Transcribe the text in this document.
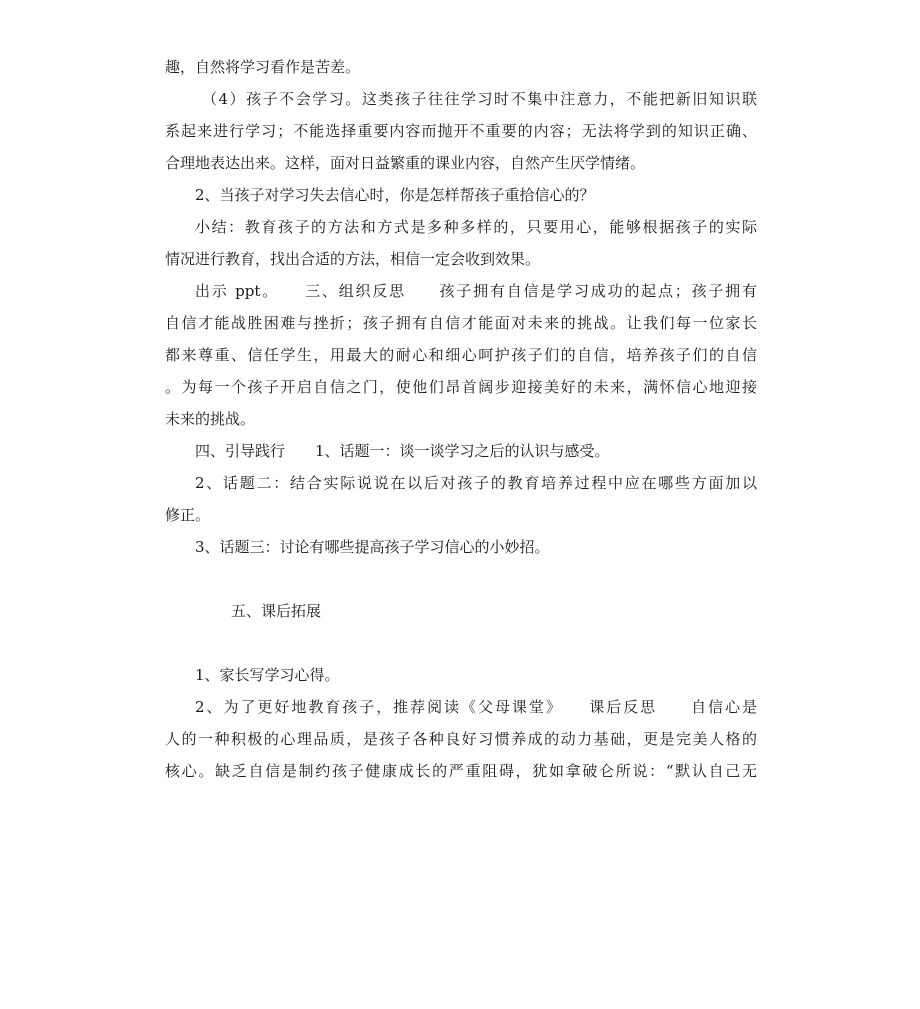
趣，自然将学习看作是苦差。
（4）孩子不会学习。这类孩子往往学习时不集中注意力，不能把新旧知识联
系起来进行学习；不能选择重要内容而抛开不重要的内容；无法将学到的知识正确、
合理地表达出来。这样，面对日益繁重的课业内容，自然产生厌学情绪。
2、当孩子对学习失去信心时，你是怎样帮孩子重拾信心的？
小结：教育孩子的方法和方式是多种多样的，只要用心，能够根据孩子的实际
情况进行教育，找出合适的方法，相信一定会收到效果。
出示 ppt。　　三、组织反思　　孩子拥有自信是学习成功的起点；孩子拥有
自信才能战胜困难与挫折；孩子拥有自信才能面对未来的挑战。让我们每一位家长
都来尊重、信任学生，用最大的耐心和细心呵护孩子们的自信，培养孩子们的自信
。为每一个孩子开启自信之门，使他们昂首阔步迎接美好的未来，满怀信心地迎接
未来的挑战。
四、引导践行　　1、话题一：谈一谈学习之后的认识与感受。
2、话题二：结合实际说说在以后对孩子的教育培养过程中应在哪些方面加以
修正。
3、话题三：讨论有哪些提高孩子学习信心的小妙招。
五、课后拓展
1、家长写学习心得。
2、为了更好地教育孩子，推荐阅读《父母课堂》　　课后反思　　自信心是
人的一种积极的心理品质，是孩子各种良好习惯养成的动力基础，更是完美人格的
核心。缺乏自信是制约孩子健康成长的严重阻碍，犹如拿破仑所说：“默认自己无
